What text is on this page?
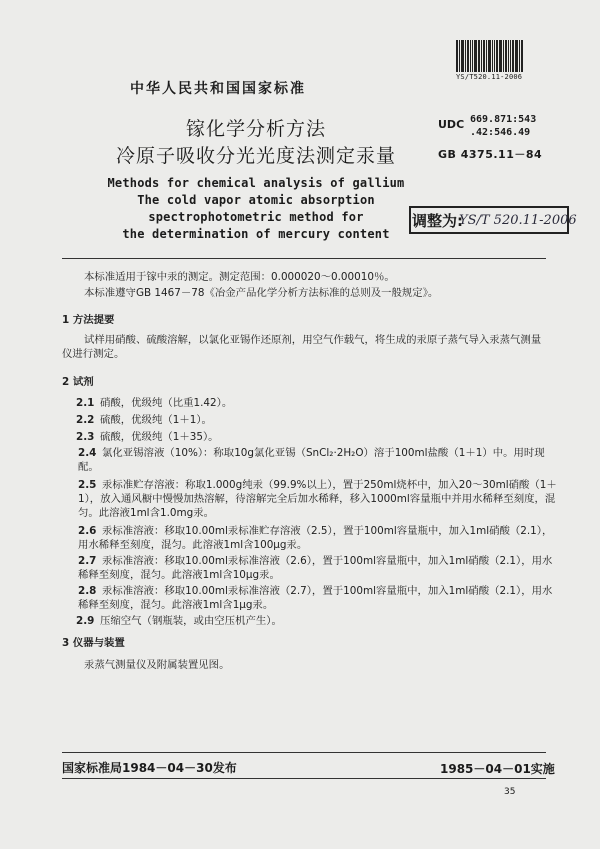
YS/T520.11-2006
中华人民共和国国家标准
UDC 669.871:543
.42:546.49
GB 4375.11－84
镓化学分析方法
冷原子吸收分光光度法测定汞量
Methods for chemical analysis of gallium
The cold vapor atomic absorption
spectrophotometric method for
the determination of mercury content
调整为:
YS/T 520.11-2006
本标准适用于镓中汞的测定。测定范围：0.000020～0.00010％。
本标准遵守GB 1467－78《冶金产品化学分析方法标准的总则及一般规定》。
1 方法提要
试样用硝酸、硫酸溶解，以氯化亚锡作还原剂，用空气作载气，将生成的汞原子蒸气导入汞蒸气测量仪进行测定。
2 试剂
2.1 硝酸，优级纯（比重1.42）。
2.2 硫酸，优级纯（1＋1）。
2.3 硫酸，优级纯（1＋35）。
2.4 氯化亚锡溶液（10%）：称取10g氯化亚锡（SnCl₂·2H₂O）溶于100ml盐酸（1＋1）中。用时现配。
2.5 汞标准贮存溶液：称取1.000g纯汞（99.9%以上），置于250ml烧杯中，加入20～30ml硝酸（1＋1），放入通风橱中慢慢加热溶解，待溶解完全后加水稀释，移入1000ml容量瓶中并用水稀释至刻度，混匀。此溶液1ml含1.0mg汞。
2.6 汞标准溶液：移取10.00ml汞标准贮存溶液（2.5），置于100ml容量瓶中，加入1ml硝酸（2.1），用水稀释至刻度，混匀。此溶液1ml含100μg汞。
2.7 汞标准溶液：移取10.00ml汞标准溶液（2.6），置于100ml容量瓶中，加入1ml硝酸（2.1），用水稀释至刻度，混匀。此溶液1ml含10μg汞。
2.8 汞标准溶液：移取10.00ml汞标准溶液（2.7），置于100ml容量瓶中，加入1ml硝酸（2.1），用水稀释至刻度，混匀。此溶液1ml含1μg汞。
2.9 压缩空气（钢瓶装，或由空压机产生）。
3 仪器与装置
汞蒸气测量仪及附属装置见图。
国家标准局1984－04－30发布	1985－04－01实施
35
